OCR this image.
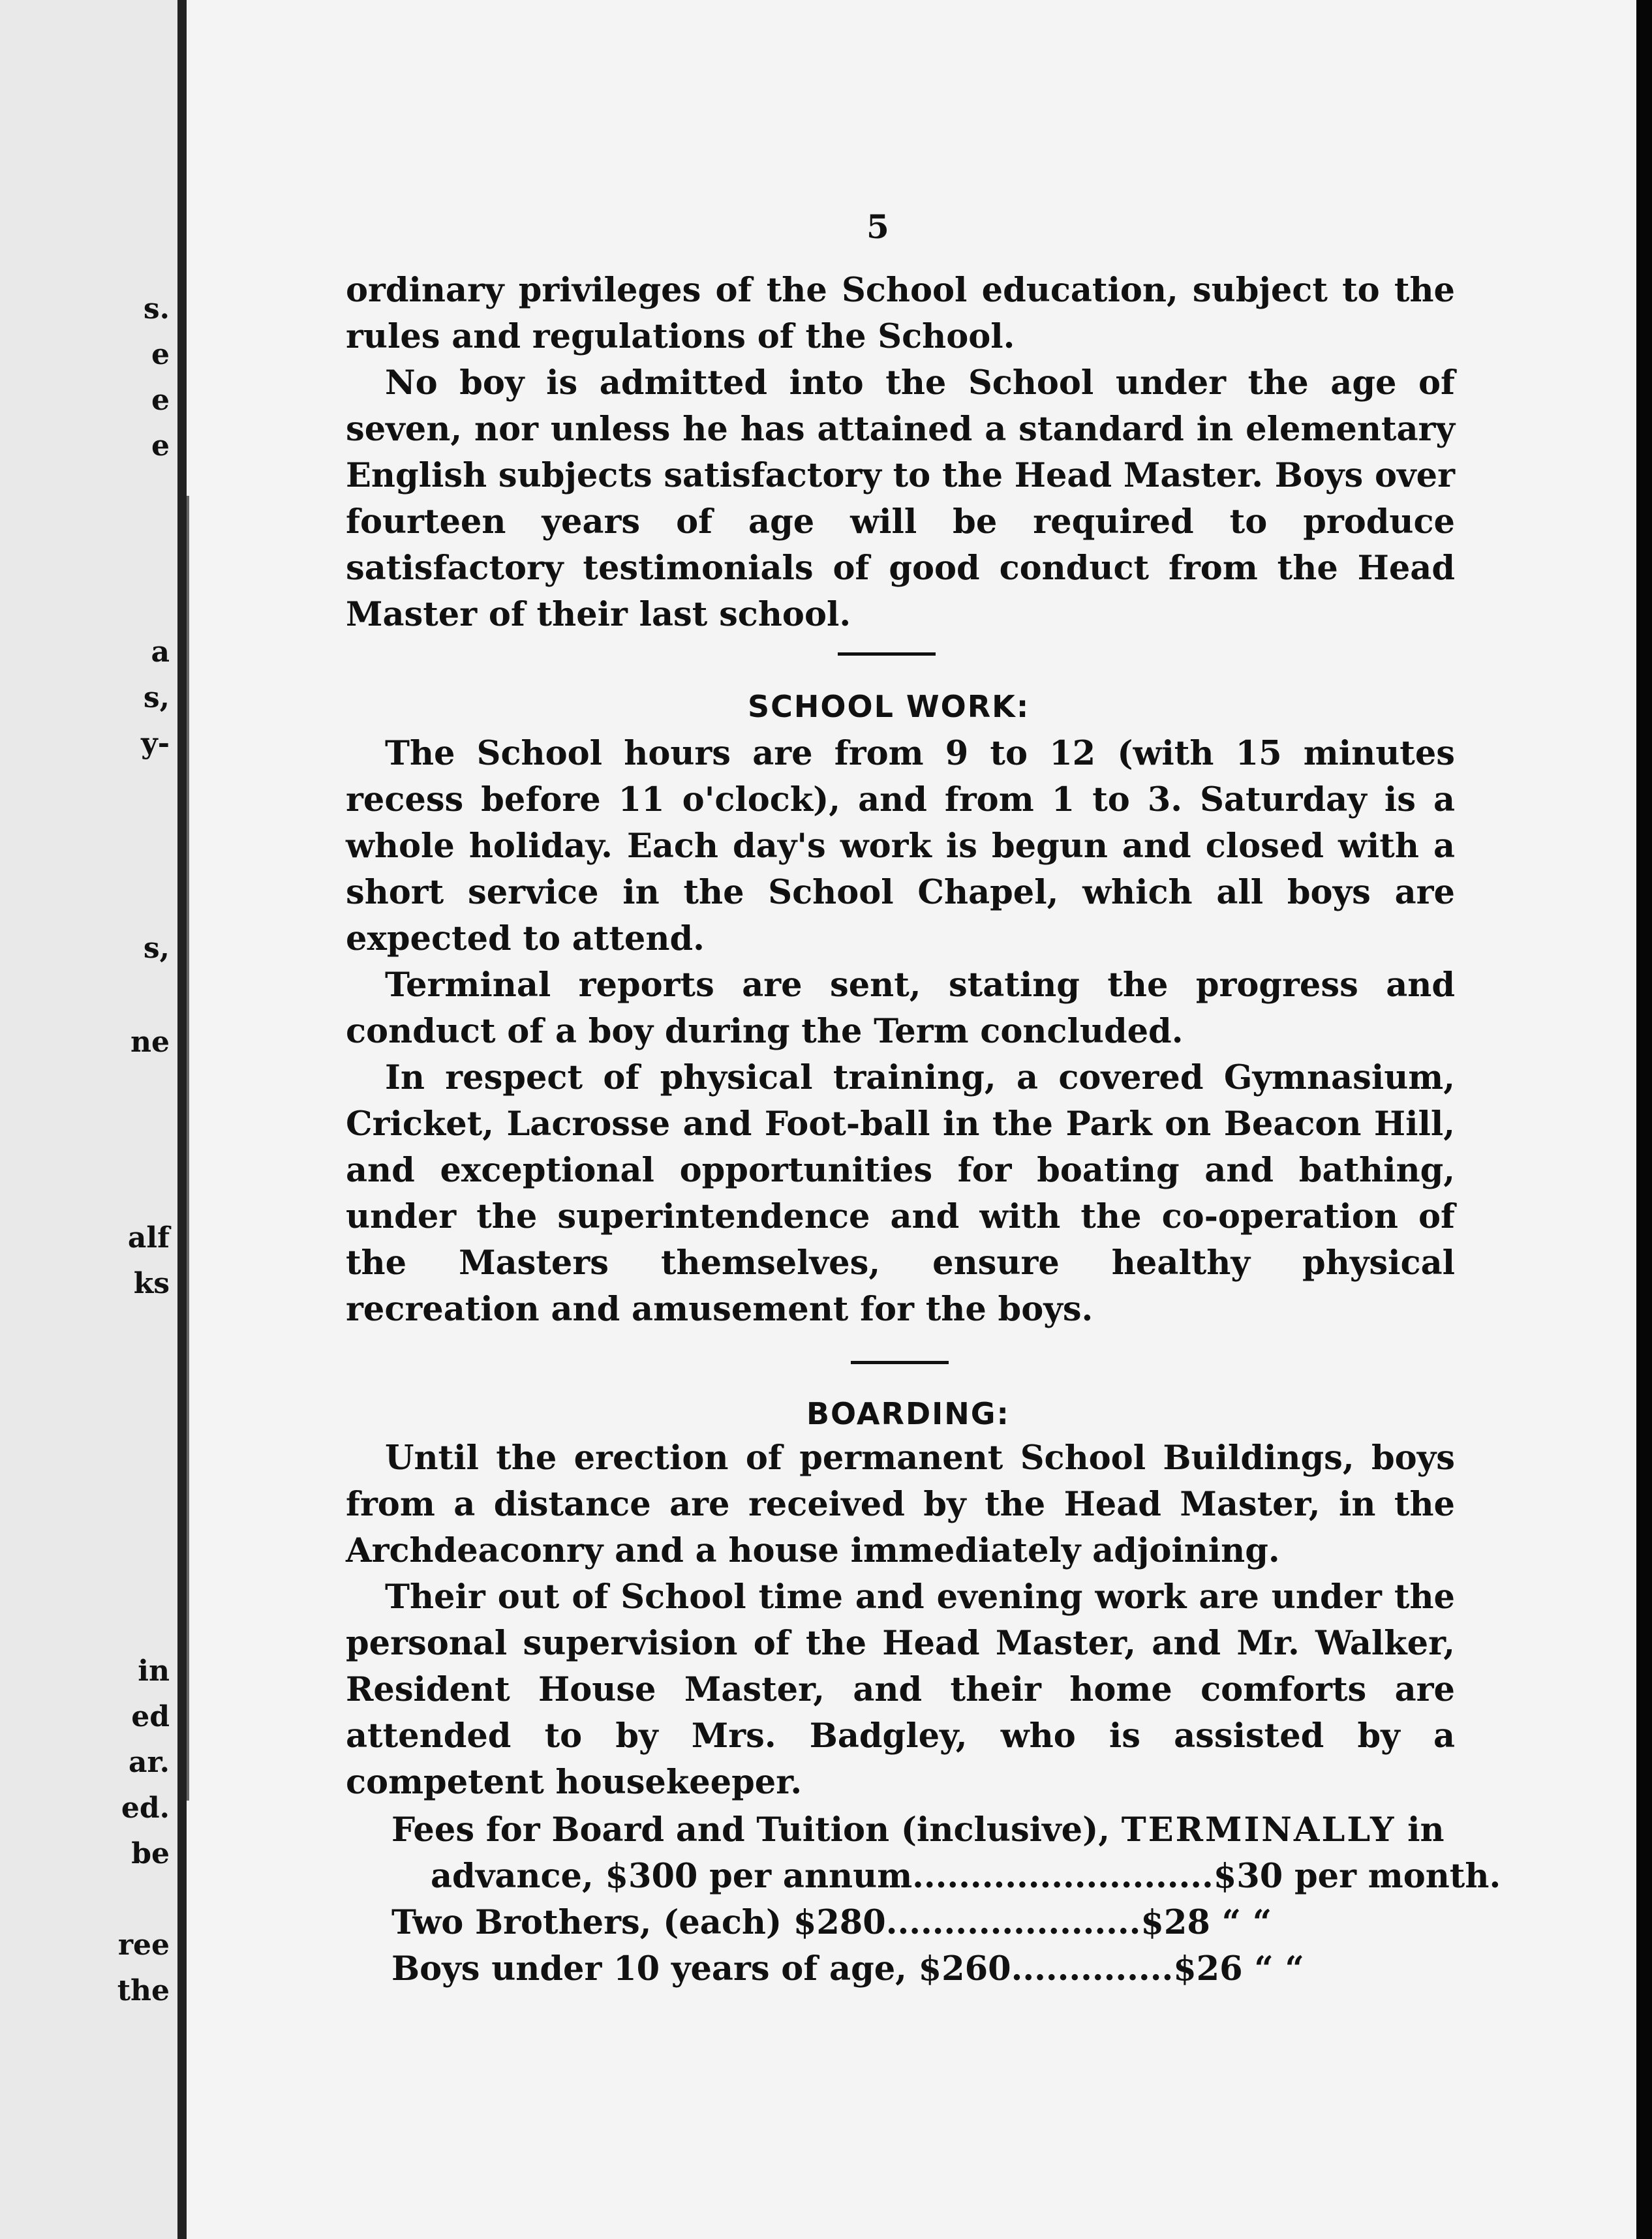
s.
e
e
e
a
s,
y-
s,
ne
alf
ks
in
ed
ar.
ed.
be
ree
the
5

ordinary privileges of the School education, subject to the rules and regulations of the School.

No boy is admitted into the School under the age of seven, nor unless he has attained a standard in elementary English subjects satisfactory to the Head Master. Boys over fourteen years of age will be required to produce satisfactory testimonials of good conduct from the Head Master of their last school.

SCHOOL WORK:

The School hours are from 9 to 12 (with 15 minutes recess before 11 o'clock), and from 1 to 3. Saturday is a whole holiday. Each day's work is begun and closed with a short service in the School Chapel, which all boys are expected to attend.

Terminal reports are sent, stating the progress and conduct of a boy during the Term concluded.

In respect of physical training, a covered Gymnasium, Cricket, Lacrosse and Foot-ball in the Park on Beacon Hill, and exceptional opportunities for boating and bathing, under the superintendence and with the co-operation of the Masters themselves, ensure healthy physical recreation and amusement for the boys.

BOARDING:

Until the erection of permanent School Buildings, boys from a distance are received by the Head Master, in the Archdeaconry and a house immediately adjoining.

Their out of School time and evening work are under the personal supervision of the Head Master, and Mr. Walker, Resident House Master, and their home comforts are attended to by Mrs. Badgley, who is assisted by a competent housekeeper.

Fees for Board and Tuition (inclusive), TERMINALLY in
advance, $300 per annum..........................$30 per month.
Two Brothers, (each) $280......................$28 “ “
Boys under 10 years of age, $260..............$26 “ “
